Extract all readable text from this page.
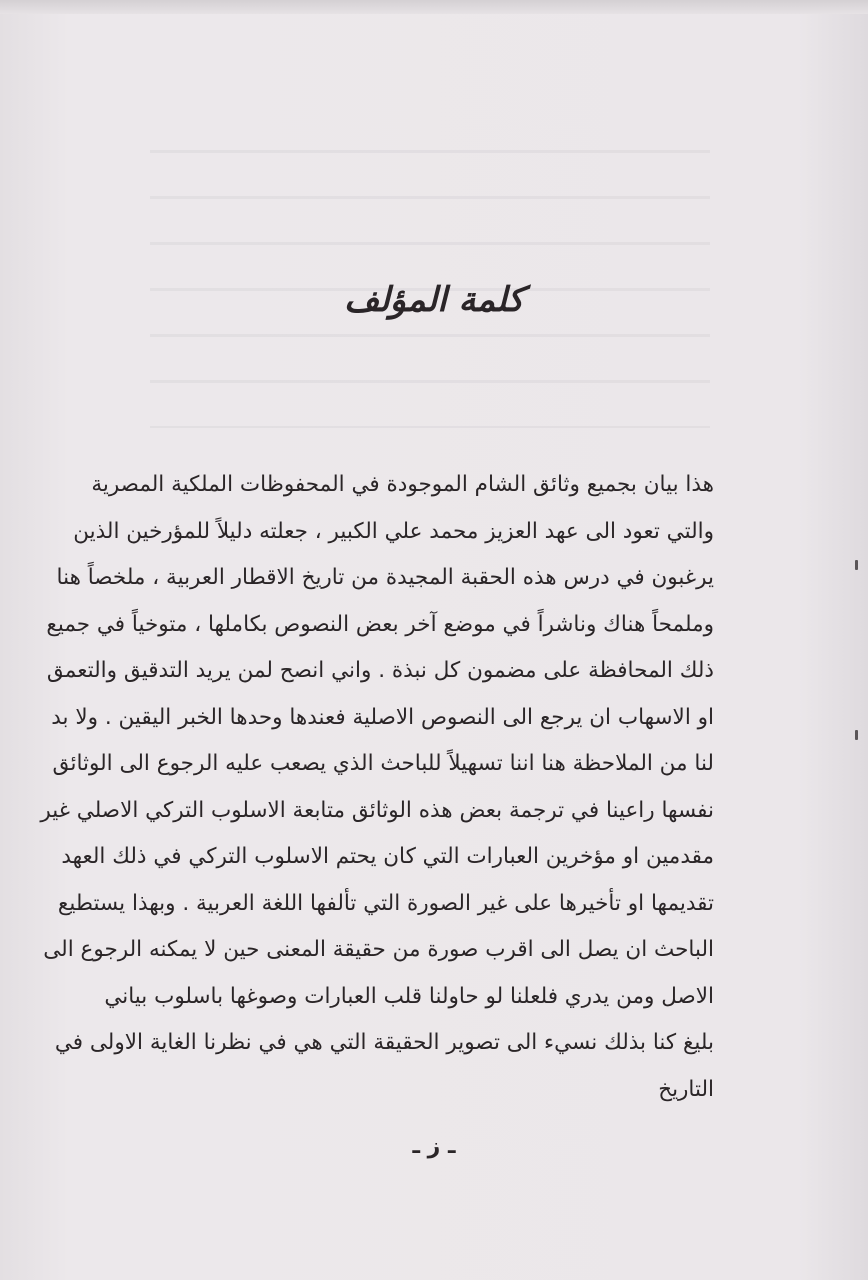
كلمة المؤلف
هذا بيان بجميع وثائق الشام الموجودة في المحفوظات الملكية المصرية
والتي تعود الى عهد العزيز محمد علي الكبير ، جعلته دليلاً للمؤرخين الذين
يرغبون في درس هذه الحقبة المجيدة من تاريخ الاقطار العربية ، ملخصاً هنا
وملمحاً هناك وناشراً في موضع آخر بعض النصوص بكاملها ، متوخياً في جميع
ذلك المحافظة على مضمون كل نبذة . واني انصح لمن يريد التدقيق والتعمق
او الاسهاب ان يرجع الى النصوص الاصلية فعندها وحدها الخبر اليقين . ولا بد
لنا من الملاحظة هنا اننا تسهيلاً للباحث الذي يصعب عليه الرجوع الى الوثائق
نفسها راعينا في ترجمة بعض هذه الوثائق متابعة الاسلوب التركي الاصلي غير
مقدمين او مؤخرين العبارات التي كان يحتم الاسلوب التركي في ذلك العهد
تقديمها او تأخيرها على غير الصورة التي تألفها اللغة العربية . وبهذا يستطيع
الباحث ان يصل الى اقرب صورة من حقيقة المعنى حين لا يمكنه الرجوع الى
الاصل ومن يدري فلعلنا لو حاولنا قلب العبارات وصوغها باسلوب بياني
بليغ كنا بذلك نسيء الى تصوير الحقيقة التي هي في نظرنا الغاية الاولى في
التاريخ
ـ ز ـ
